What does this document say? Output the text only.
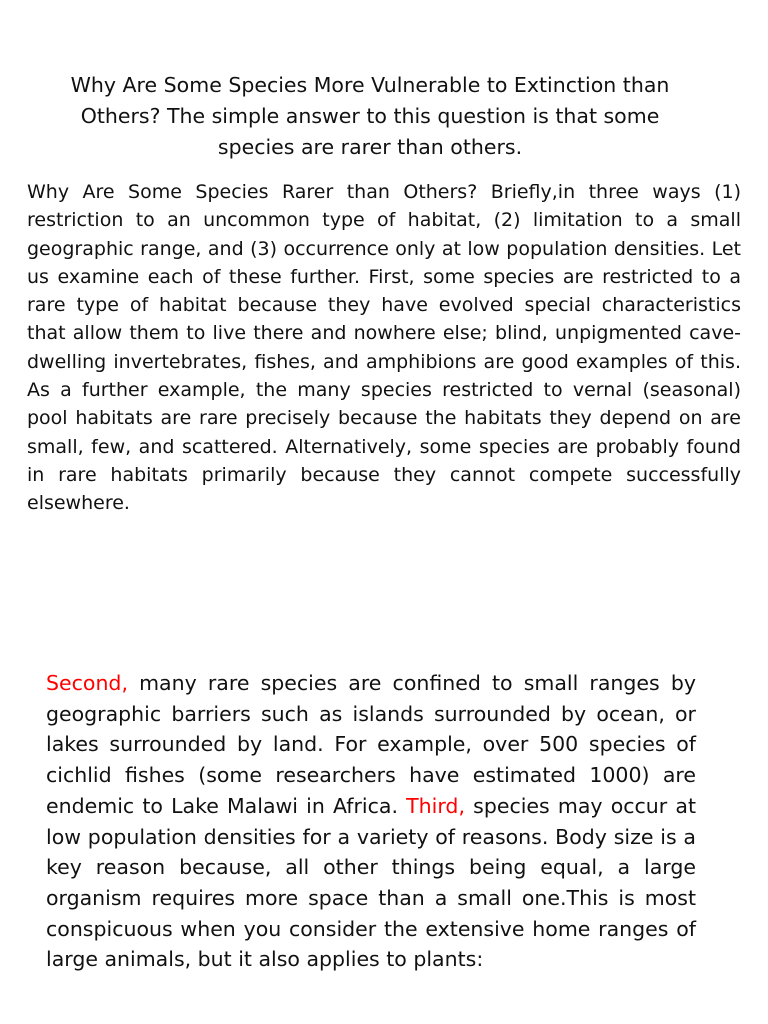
Why Are Some Species More Vulnerable to Extinction than Others? The simple answer to this question is that some species are rarer than others.

Why Are Some Species Rarer than Others? Briefly,in three ways (1) restriction to an uncommon type of habitat, (2) limitation to a small geographic range, and (3) occurrence only at low population densities. Let us examine each of these further. First, some species are restricted to a rare type of habitat because they have evolved special characteristics that allow them to live there and nowhere else; blind, unpigmented cave-dwelling invertebrates, fishes, and amphibions are good examples of this. As a further example, the many species restricted to vernal (seasonal) pool habitats are rare precisely because the habitats they depend on are small, few, and scattered. Alternatively, some species are probably found in rare habitats primarily because they cannot compete successfully elsewhere.

Second, many rare species are confined to small ranges by geographic barriers such as islands surrounded by ocean, or lakes surrounded by land. For example, over 500 species of cichlid fishes (some researchers have estimated 1000) are endemic to Lake Malawi in Africa. Third, species may occur at low population densities for a variety of reasons. Body size is a key reason because, all other things being equal, a large organism requires more space than a small one.This is most conspicuous when you consider the extensive home ranges of large animals, but it also applies to plants:
